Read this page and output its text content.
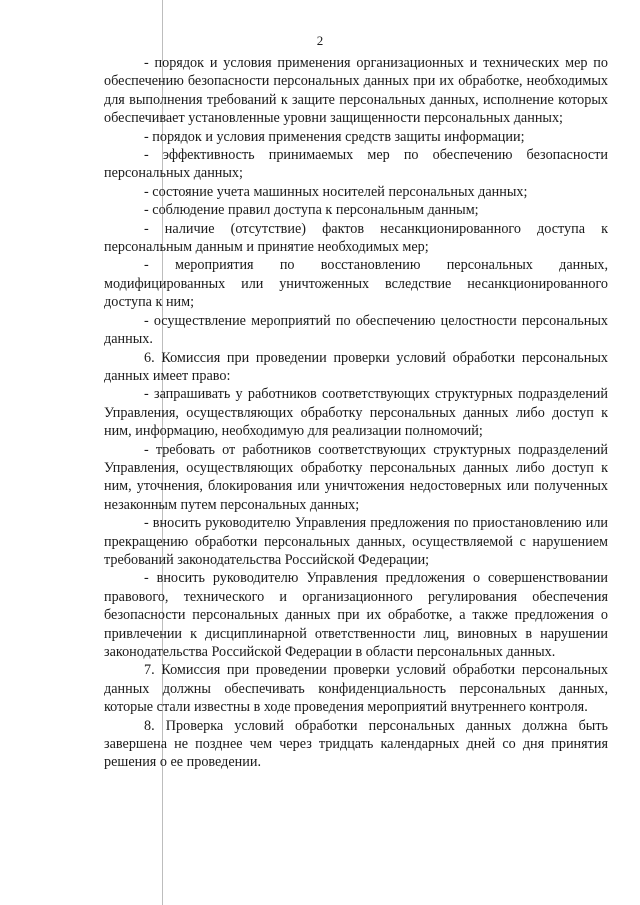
2

- порядок и условия применения организационных и технических мер по обеспечению безопасности персональных данных при их обработке, необходимых для выполнения требований к защите персональных данных, исполнение которых обеспечивает установленные уровни защищенности персональных данных;

- порядок и условия применения средств защиты информации;

- эффективность принимаемых мер по обеспечению безопасности персональных данных;

- состояние учета машинных носителей персональных данных;

- соблюдение правил доступа к персональным данным;

- наличие (отсутствие) фактов несанкционированного доступа к персональным данным и принятие необходимых мер;

- мероприятия по восстановлению персональных данных, модифицированных или уничтоженных вследствие несанкционированного доступа к ним;

- осуществление мероприятий по обеспечению целостности персональных данных.

6. Комиссия при проведении проверки условий обработки персональных данных имеет право:

- запрашивать у работников соответствующих структурных подразделений Управления, осуществляющих обработку персональных данных либо доступ к ним, информацию, необходимую для реализации полномочий;

- требовать от работников соответствующих структурных подразделений Управления, осуществляющих обработку персональных данных либо доступ к ним, уточнения, блокирования или уничтожения недостоверных или полученных незаконным путем персональных данных;

- вносить руководителю Управления предложения по приостановлению или прекращению обработки персональных данных, осуществляемой с нарушением требований законодательства Российской Федерации;

- вносить руководителю Управления предложения о совершенствовании правового, технического и организационного регулирования обеспечения безопасности персональных данных при их обработке, а также предложения о привлечении к дисциплинарной ответственности лиц, виновных в нарушении законодательства Российской Федерации в области персональных данных.

7. Комиссия при проведении проверки условий обработки персональных данных должны обеспечивать конфиденциальность персональных данных, которые стали известны в ходе проведения мероприятий внутреннего контроля.

8. Проверка условий обработки персональных данных должна быть завершена не позднее чем через тридцать календарных дней со дня принятия решения о ее проведении.
